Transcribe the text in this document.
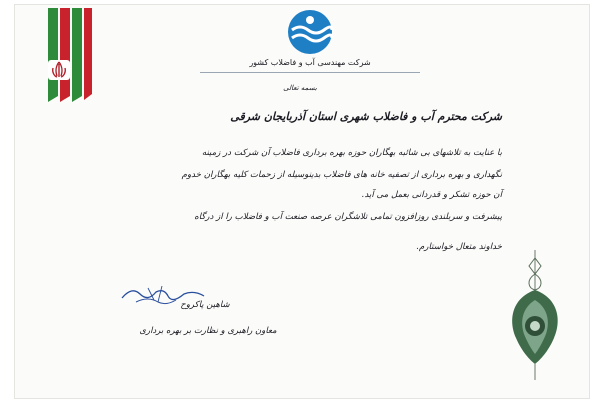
شرکت مهندسی آب و فاضلاب کشور
بسمه تعالی
شرکت محترم آب و فاضلاب شهری استان آذربایجان شرقی
با عنایت به تلاشهای بی شائبه بهگاران حوزه بهره برداری فاضلاب آن شرکت در زمینه
نگهداری و بهره برداری از تصفیه خانه های فاضلاب بدینوسیله از زحمات کلیه بهگاران خدوم
آن حوزه تشکر و قدردانی بعمل می آید.
پیشرفت و سربلندی روزافزون تمامی تلاشگران عرصه صنعت آب و فاضلاب را از درگاه
خداوند متعال خواستارم.
شاهین پاکروح
معاون راهبری و نظارت بر بهره برداری
